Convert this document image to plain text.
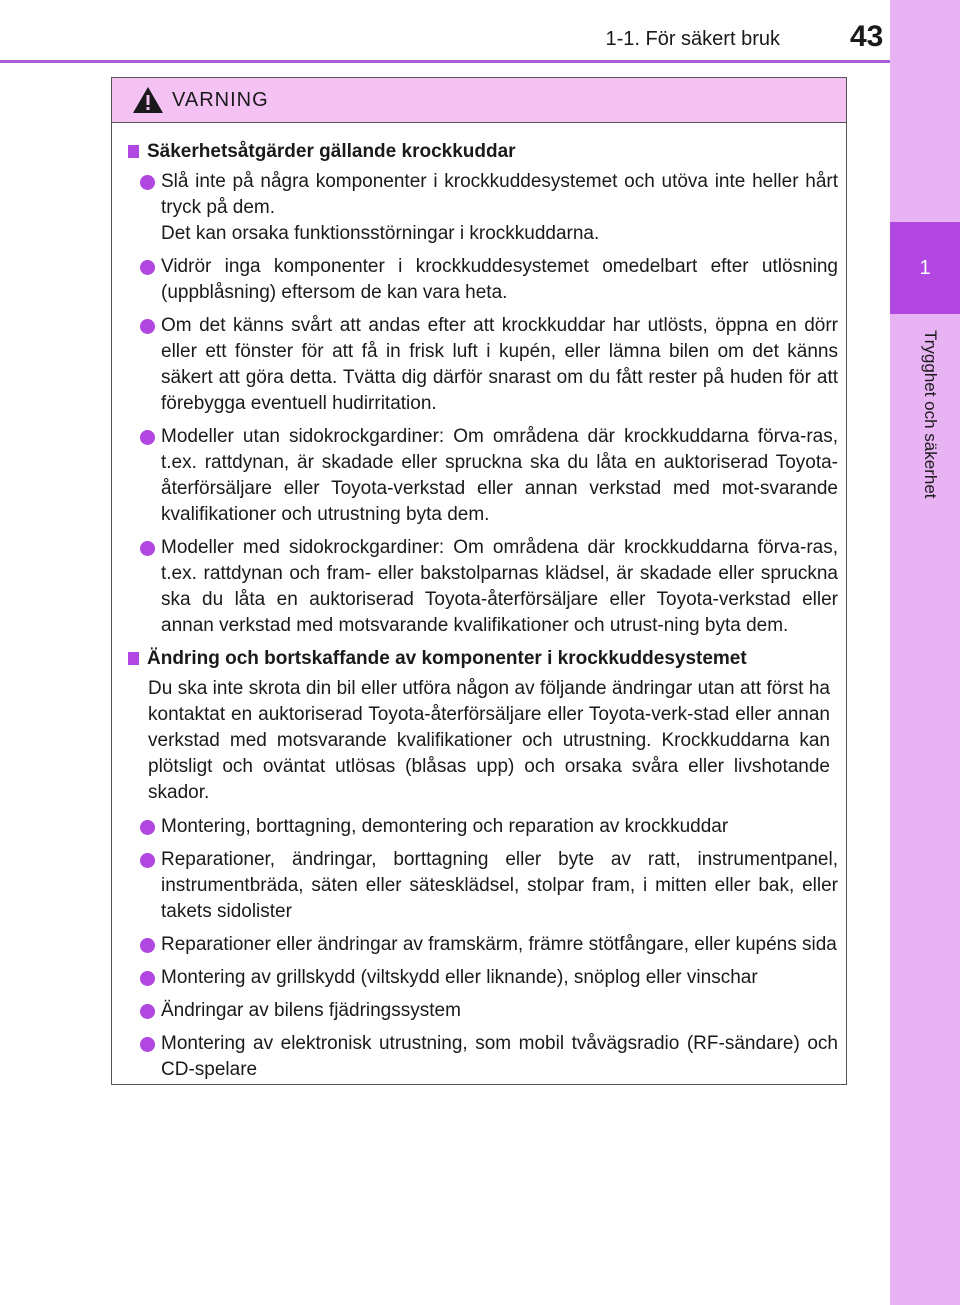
1-1. För säkert bruk	43
1
Trygghet och säkerhet
VARNING
Säkerhetsåtgärder gällande krockkuddar
Slå inte på några komponenter i krockkuddesystemet och utöva inte heller hårt tryck på dem.
Det kan orsaka funktionsstörningar i krockkuddarna.
Vidrör inga komponenter i krockkuddesystemet omedelbart efter utlösning (uppblåsning) eftersom de kan vara heta.
Om det känns svårt att andas efter att krockkuddar har utlösts, öppna en dörr eller ett fönster för att få in frisk luft i kupén, eller lämna bilen om det känns säkert att göra detta. Tvätta dig därför snarast om du fått rester på huden för att förebygga eventuell hudirritation.
Modeller utan sidokrockgardiner: Om områdena där krockkuddarna förva-ras, t.ex. rattdynan, är skadade eller spruckna ska du låta en auktoriserad Toyota-återförsäljare eller Toyota-verkstad eller annan verkstad med mot-svarande kvalifikationer och utrustning byta dem.
Modeller med sidokrockgardiner: Om områdena där krockkuddarna förva-ras, t.ex. rattdynan och fram- eller bakstolparnas klädsel, är skadade eller spruckna ska du låta en auktoriserad Toyota-återförsäljare eller Toyota-verkstad eller annan verkstad med motsvarande kvalifikationer och utrust-ning byta dem.
Ändring och bortskaffande av komponenter i krockkuddesystemet
Du ska inte skrota din bil eller utföra någon av följande ändringar utan att först ha kontaktat en auktoriserad Toyota-återförsäljare eller Toyota-verk-stad eller annan verkstad med motsvarande kvalifikationer och utrustning. Krockkuddarna kan plötsligt och oväntat utlösas (blåsas upp) och orsaka svåra eller livshotande skador.
Montering, borttagning, demontering och reparation av krockkuddar
Reparationer, ändringar, borttagning eller byte av ratt, instrumentpanel, instrumentbräda, säten eller sätesklädsel, stolpar fram, i mitten eller bak, eller takets sidolister
Reparationer eller ändringar av framskärm, främre stötfångare, eller kupéns sida
Montering av grillskydd (viltskydd eller liknande), snöplog eller vinschar
Ändringar av bilens fjädringssystem
Montering av elektronisk utrustning, som mobil tvåvägsradio (RF-sändare) och CD-spelare
